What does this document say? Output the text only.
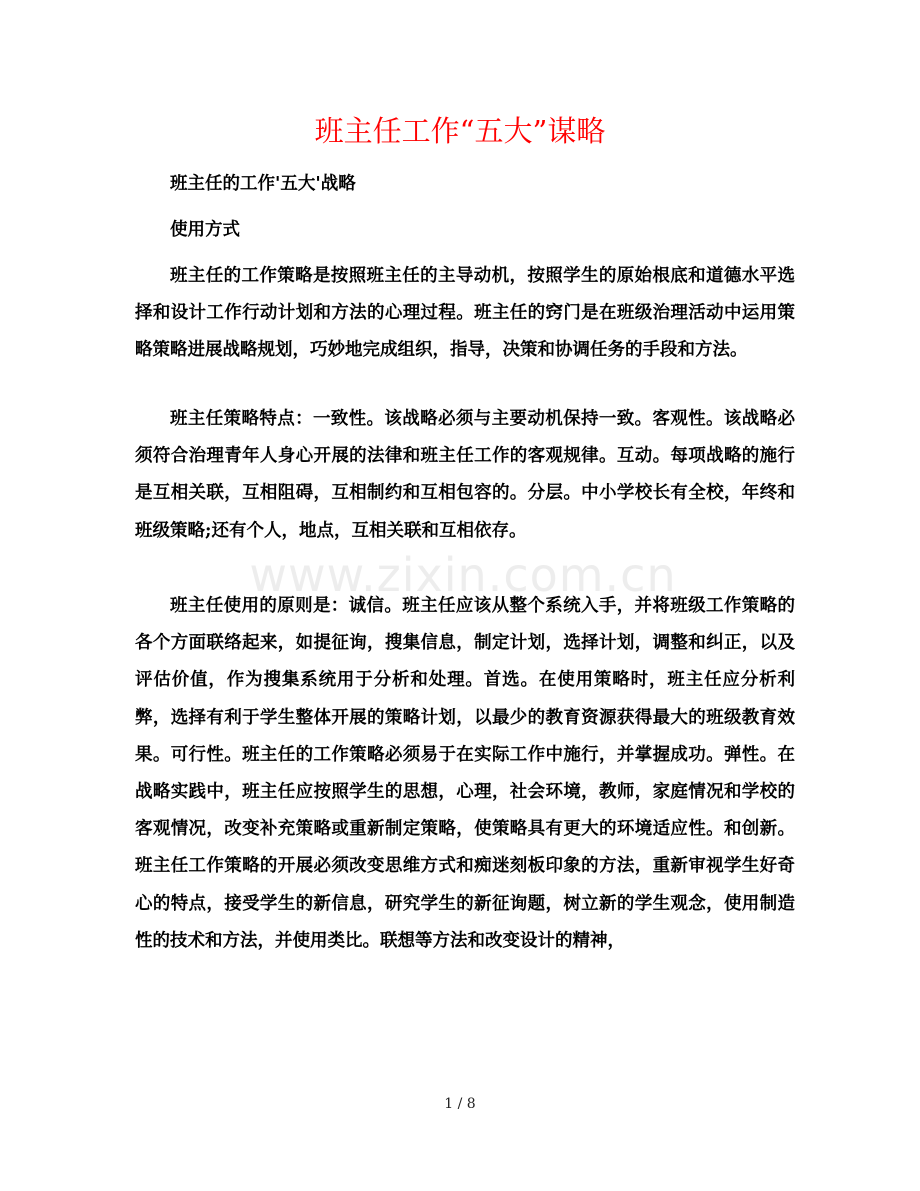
www.zixin.com.cn
班主任工作“五大”谋略

班主任的工作'五大'战略

使用方式

班主任的工作策略是按照班主任的主导动机，按照学生的原始根底和道德水平选择和设计工作行动计划和方法的心理过程。班主任的窍门是在班级治理活动中运用策略策略进展战略规划，巧妙地完成组织，指导，决策和协调任务的手段和方法。

班主任策略特点：一致性。该战略必须与主要动机保持一致。客观性。该战略必须符合治理青年人身心开展的法律和班主任工作的客观规律。互动。每项战略的施行是互相关联，互相阻碍，互相制约和互相包容的。分层。中小学校长有全校，年终和班级策略;还有个人，地点，互相关联和互相依存。

班主任使用的原则是：诚信。班主任应该从整个系统入手，并将班级工作策略的各个方面联络起来，如提征询，搜集信息，制定计划，选择计划，调整和纠正，以及评估价值，作为搜集系统用于分析和处理。首选。在使用策略时，班主任应分析利弊，选择有利于学生整体开展的策略计划，以最少的教育资源获得最大的班级教育效果。可行性。班主任的工作策略必须易于在实际工作中施行，并掌握成功。弹性。在战略实践中，班主任应按照学生的思想，心理，社会环境，教师，家庭情况和学校的客观情况，改变补充策略或重新制定策略，使策略具有更大的环境适应性。和创新。班主任工作策略的开展必须改变思维方式和痴迷刻板印象的方法，重新审视学生好奇心的特点，接受学生的新信息，研究学生的新征询题，树立新的学生观念，使用制造性的技术和方法，并使用类比。联想等方法和改变设计的精神，

1 / 8
